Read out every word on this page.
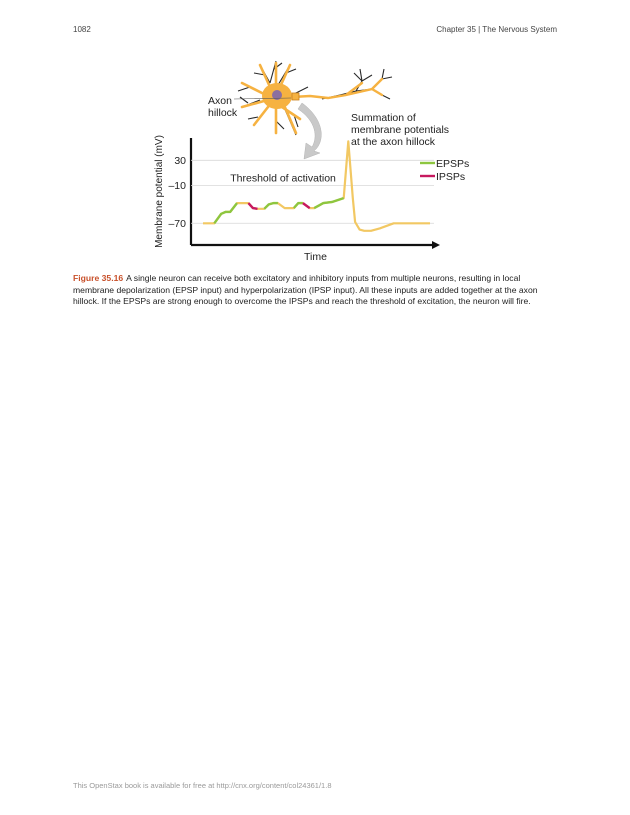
1082	Chapter 35 | The Nervous System
Axon
hillock	Summation of
membrane potentials
at the axon hillock
30
–10
–70
Threshold of activation
EPSPs
IPSPs
Membrane potential (mV)
Time
Figure 35.16 A single neuron can receive both excitatory and inhibitory inputs from multiple neurons, resulting in local membrane depolarization (EPSP input) and hyperpolarization (IPSP input). All these inputs are added together at the axon hillock. If the EPSPs are strong enough to overcome the IPSPs and reach the threshold of excitation, the neuron will fire.
This OpenStax book is available for free at http://cnx.org/content/col24361/1.8
